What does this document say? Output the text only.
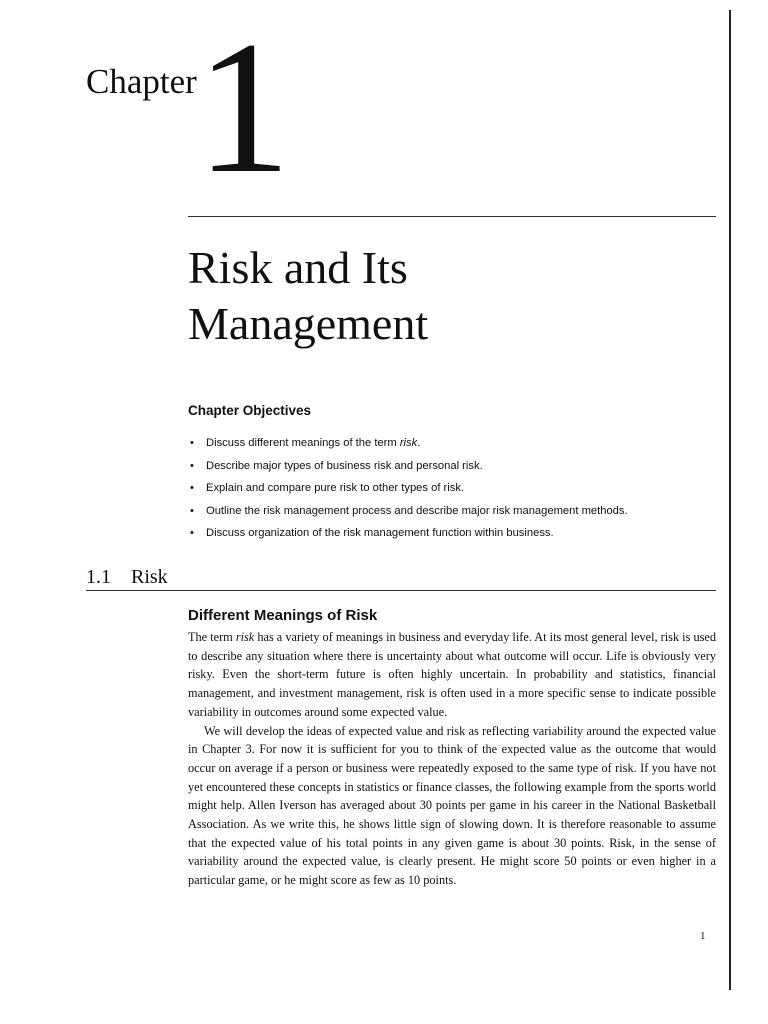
Chapter 1
Risk and Its
Management
Chapter Objectives
• Discuss different meanings of the term risk.
• Describe major types of business risk and personal risk.
• Explain and compare pure risk to other types of risk.
• Outline the risk management process and describe major risk management methods.
• Discuss organization of the risk management function within business.
1.1 Risk
Different Meanings of Risk

The term risk has a variety of meanings in business and everyday life. At its most general level, risk is used to describe any situation where there is uncertainty about what outcome will occur. Life is obviously very risky. Even the short-term future is often highly uncertain. In probability and statistics, financial management, and investment management, risk is often used in a more specific sense to indicate possible variability in outcomes around some expected value.

We will develop the ideas of expected value and risk as reflecting variability around the expected value in Chapter 3. For now it is sufficient for you to think of the expected value as the outcome that would occur on average if a person or business were repeatedly exposed to the same type of risk. If you have not yet encountered these concepts in statistics or finance classes, the following example from the sports world might help. Allen Iverson has averaged about 30 points per game in his career in the National Basketball Association. As we write this, he shows little sign of slowing down. It is therefore reasonable to assume that the expected value of his total points in any given game is about 30 points. Risk, in the sense of variability around the expected value, is clearly present. He might score 50 points or even higher in a particular game, or he might score as few as 10 points.

1
